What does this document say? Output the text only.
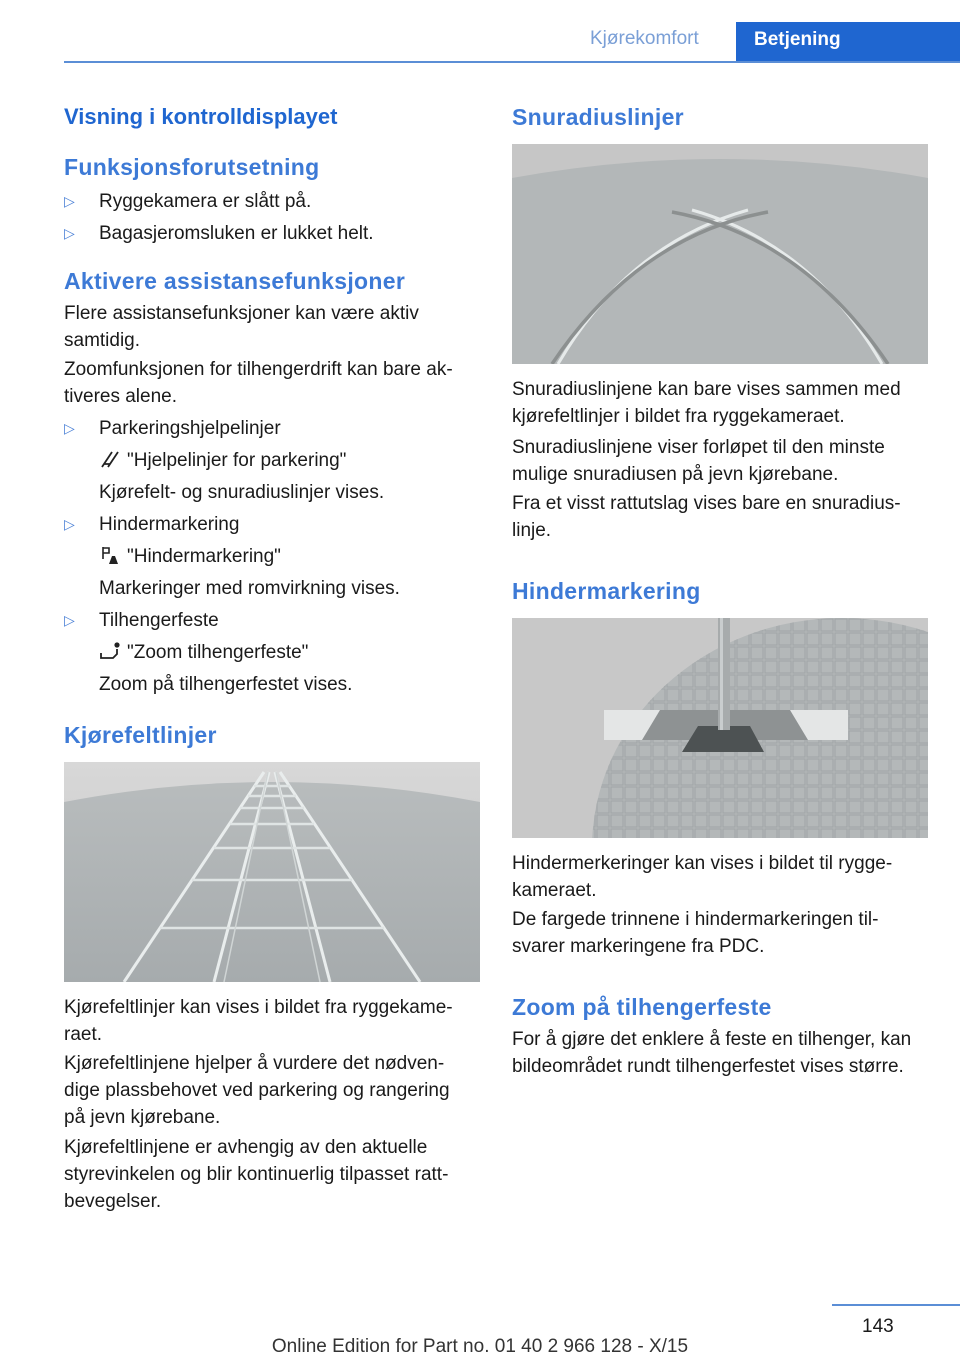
Kjørekomfort	Betjening
Visning i kontrolldisplayet
Funksjonsforutsetning
▷ Ryggekamera er slått på.
▷ Bagasjeromsluken er lukket helt.
Aktivere assistansefunksjoner
Flere assistansefunksjoner kan være aktiv
samtidig.
Zoomfunksjonen for tilhengerdrift kan bare ak‐
tiveres alene.
▷ Parkeringshjelpelinjer
"Hjelpelinjer for parkering"
Kjørefelt- og snuradiuslinjer vises.
▷ Hindermarkering
"Hindermarkering"
Markeringer med romvirkning vises.
▷ Tilhengerfeste
"Zoom tilhengerfeste"
Zoom på tilhengerfestet vises.
Kjørefeltlinjer
Kjørefeltlinjer kan vises i bildet fra ryggekame‐
raet.
Kjørefeltlinjene hjelper å vurdere det nødven‐
dige plassbehovet ved parkering og rangering
på jevn kjørebane.
Kjørefeltlinjene er avhengig av den aktuelle
styrevinkelen og blir kontinuerlig tilpasset ratt‐
bevegelser.
Snuradiuslinjer
Snuradiuslinjene kan bare vises sammen med
kjørefeltlinjer i bildet fra ryggekameraet.
Snuradiuslinjene viser forløpet til den minste
mulige snuradiusen på jevn kjørebane.
Fra et visst rattutslag vises bare en snuradius‐
linje.
Hindermarkering
Hindermerkeringer kan vises i bildet til rygge‐
kameraet.
De fargede trinnene i hindermarkeringen til‐
svarer markeringene fra PDC.
Zoom på tilhengerfeste
For å gjøre det enklere å feste en tilhenger, kan
bildeområdet rundt tilhengerfestet vises større.
143
Online Edition for Part no. 01 40 2 966 128 - X/15
